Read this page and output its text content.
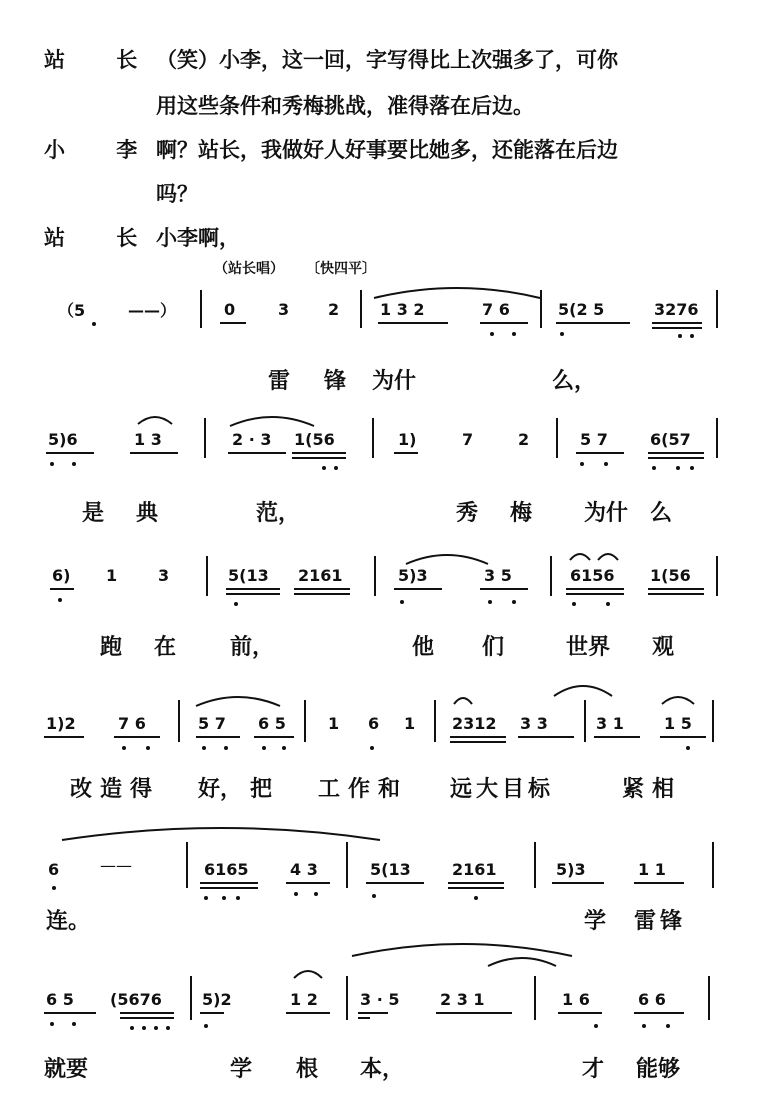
站 长
（笑）小李，这一回，字写得比上次强多了，可你
用这些条件和秀梅挑战，准得落在后边。
小 李
啊？站长，我做好人好事要比她多，还能落在后边
吗？
站 长
小李啊，
（站长唱） 〔快四平〕
（5	——）	0	3 2	1 3 2	7 6	5(2 5	3276
雷 锋 为什	么，
5)6	1 3	2 · 3 1(56	1)	7	2	5 7	6(57
是 典	范，	秀 梅 为什 么
6) 1	3	5(13 2161	5)3	3 5	6156 1(56
跑 在 前，	他 们	世界 观
1)2	7 6	5 7 6 5	1 6 1 2312 3 3	3 1	1 5
改造得 好， 把 工作和 远大目标	紧相
6	——	6165	4 3	5(13	2161	5)3	1 1
连。	学 雷锋
6 5 (5676	5)2	1 2	3 · 5	2 3 1	1 6	6 6
就要	学 根 本，	才 能够
